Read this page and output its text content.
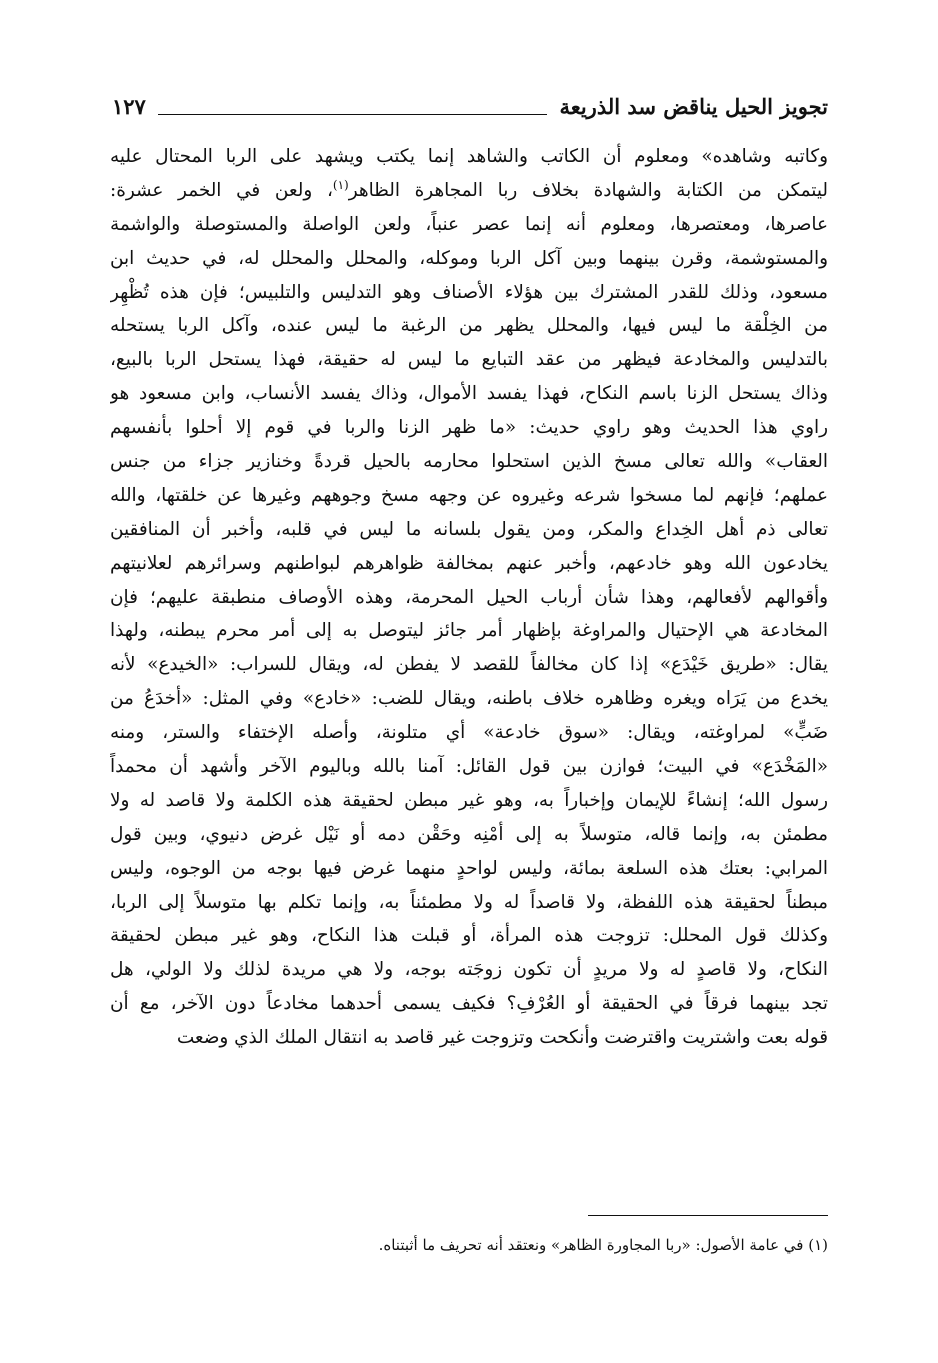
تجويز الحيل يناقض سد الذريعة
١٢٧
وكاتبه وشاهده» ومعلوم أن الكاتب والشاهد إنما يكتب ويشهد على الربا المحتال عليه
ليتمكن من الكتابة والشهادة بخلاف ربا المجاهرة الظاهر$^{(١)}$، ولعن في الخمر عشرة:
عاصرها، ومعتصرها، ومعلوم أنه إنما عصر عنباً، ولعن الواصلة والمستوصلة والواشمة
والمستوشمة، وقرن بينهما وبين آكل الربا وموكله، والمحلل والمحلل له، في حديث ابن
مسعود، وذلك للقدر المشترك بين هؤلاء الأصناف وهو التدليس والتلبيس؛ فإن هذه تُظْهِر
من الخِلْقة ما ليس فيها، والمحلل يظهر من الرغبة ما ليس عنده، وآكل الربا يستحله
بالتدليس والمخادعة فيظهر من عقد التبايع ما ليس له حقيقة، فهذا يستحل الربا بالبيع،
وذاك يستحل الزنا باسم النكاح، فهذا يفسد الأموال، وذاك يفسد الأنساب، وابن مسعود هو
راوي هذا الحديث وهو راوي حديث: «ما ظهر الزنا والربا في قوم إلا أحلوا بأنفسهم
العقاب» والله تعالى مسخ الذين استحلوا محارمه بالحيل قردةً وخنازير جزاء من جنس
عملهم؛ فإنهم لما مسخوا شرعه وغيروه عن وجهه مسخ وجوههم وغيرها عن خلقتها، والله
تعالى ذم أهل الخِداع والمكر، ومن يقول بلسانه ما ليس في قلبه، وأخبر أن المنافقين
يخادعون الله وهو خادعهم، وأخبر عنهم بمخالفة ظواهرهم لبواطنهم وسرائرهم لعلانيتهم
وأقوالهم لأفعالهم، وهذا شأن أرباب الحيل المحرمة، وهذه الأوصاف منطبقة عليهم؛ فإن
المخادعة هي الإحتيال والمراوغة بإظهار أمر جائز ليتوصل به إلى أمر محرم يبطنه، ولهذا
يقال: «طريق خَيْدَع» إذا كان مخالفاً للقصد لا يفطن له، ويقال للسراب: «الخيدع» لأنه
يخدع من يَرَاه ويغره وظاهره خلاف باطنه، ويقال للضب: «خادع» وفي المثل: «أخدَعُ من
ضَبٍّ» لمراوغته، ويقال: «سوق خادعة» أي متلونة، وأصله الإختفاء والستر، ومنه
«المَخْدَع» في البيت؛ فوازن بين قول القائل: آمنا بالله وباليوم الآخر وأشهد أن محمداً
رسول الله؛ إنشاءً للإيمان وإخباراً به، وهو غير مبطن لحقيقة هذه الكلمة ولا قاصد له ولا
مطمئن به، وإنما قاله، متوسلاً به إلى أمْنِه وحَقْن دمه أو نَيْل غرض دنيوي، وبين قول
المرابي: بعتك هذه السلعة بمائة، وليس لواحدٍ منهما غرض فيها بوجه من الوجوه، وليس
مبطناً لحقيقة هذه اللفظة، ولا قاصداً له ولا مطمئناً به، وإنما تكلم بها متوسلاً إلى الربا،
وكذلك قول المحلل: تزوجت هذه المرأة، أو قبلت هذا النكاح، وهو غير مبطن لحقيقة
النكاح، ولا قاصدٍ له ولا مريدٍ أن تكون زوجَته بوجه، ولا هي مريدة لذلك ولا الولي، هل
تجد بينهما فرقاً في الحقيقة أو العُرْفِ؟ فكيف يسمى أحدهما مخادعاً دون الآخر، مع أن
قوله بعت واشتريت واقترضت وأنكحت وتزوجت غير قاصد به انتقال الملك الذي وضعت
(١) في عامة الأصول: «ربا المجاورة الظاهر» ونعتقد أنه تحريف ما أثبتناه.
